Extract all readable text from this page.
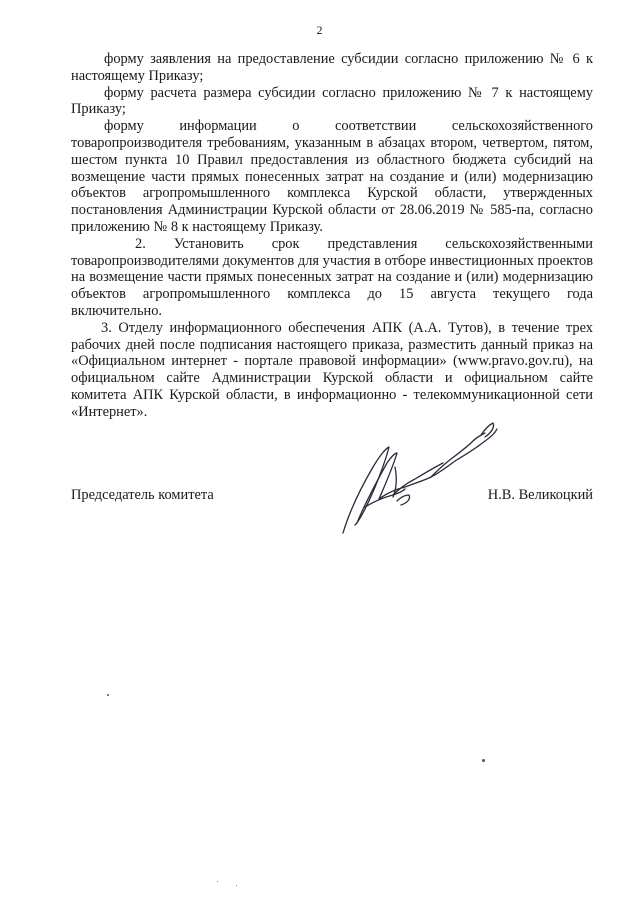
2

форму заявления на предоставление субсидии согласно приложению № 6 к настоящему Приказу;

форму расчета размера субсидии согласно приложению № 7 к настоящему Приказу;

форму информации о соответствии сельскохозяйственного товаропроизводителя требованиям, указанным в абзацах втором, четвертом, пятом, шестом пункта 10 Правил предоставления из областного бюджета субсидий на возмещение части прямых понесенных затрат на создание и (или) модернизацию объектов агропромышленного комплекса Курской области, утвержденных постановления Администрации Курской области от 28.06.2019 № 585-па, согласно приложению № 8 к настоящему Приказу.

2. Установить срок представления сельскохозяйственными товаропроизводителями документов для участия в отборе инвестиционных проектов на возмещение части прямых понесенных затрат на создание и (или) модернизацию объектов агропромышленного комплекса до 15 августа текущего года включительно.

3. Отделу информационного обеспечения АПК (А.А. Тутов), в течение трех рабочих дней после подписания настоящего приказа, разместить данный приказ на «Официальном интернет - портале правовой информации» (www.pravo.gov.ru), на официальном сайте Администрации Курской области и официальном сайте комитета АПК Курской области, в информационно - телекоммуникационной сети «Интернет».

Председатель комитета	Н.В. Великоцкий
